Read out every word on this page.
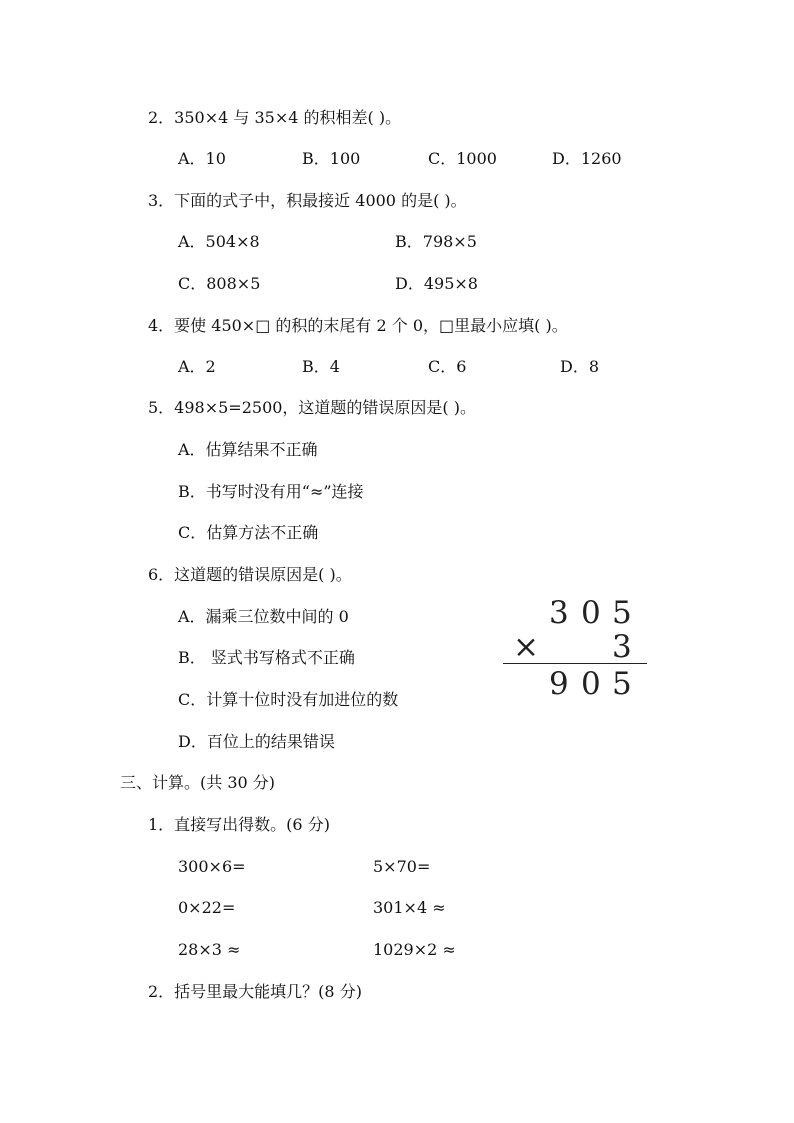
2．350×4 与 35×4 的积相差( )。
A．10	B．100	C．1000	D．1260
3．下面的式子中，积最接近 4000 的是( )。
A．504×8	B．798×5
C．808×5	D．495×8
4．要使 450×□ 的积的末尾有 2 个 0，□里最小应填( )。
A．2	B．4	C．6	D．8
5．498×5=2500，这道题的错误原因是( )。
A．估算结果不正确
B．书写时没有用“≈”连接
C．估算方法不正确
6．这道题的错误原因是( )。
A．漏乘三位数中间的 0
B． 竖式书写格式不正确
C．计算十位时没有加进位的数
D．百位上的结果错误
3 0 5
× 3
9 0 5
三、计算。(共 30 分)
1．直接写出得数。(6 分)
300×6=	5×70=
0×22=	301×4 ≈
28×3 ≈	1029×2 ≈
2．括号里最大能填几？(8 分)
